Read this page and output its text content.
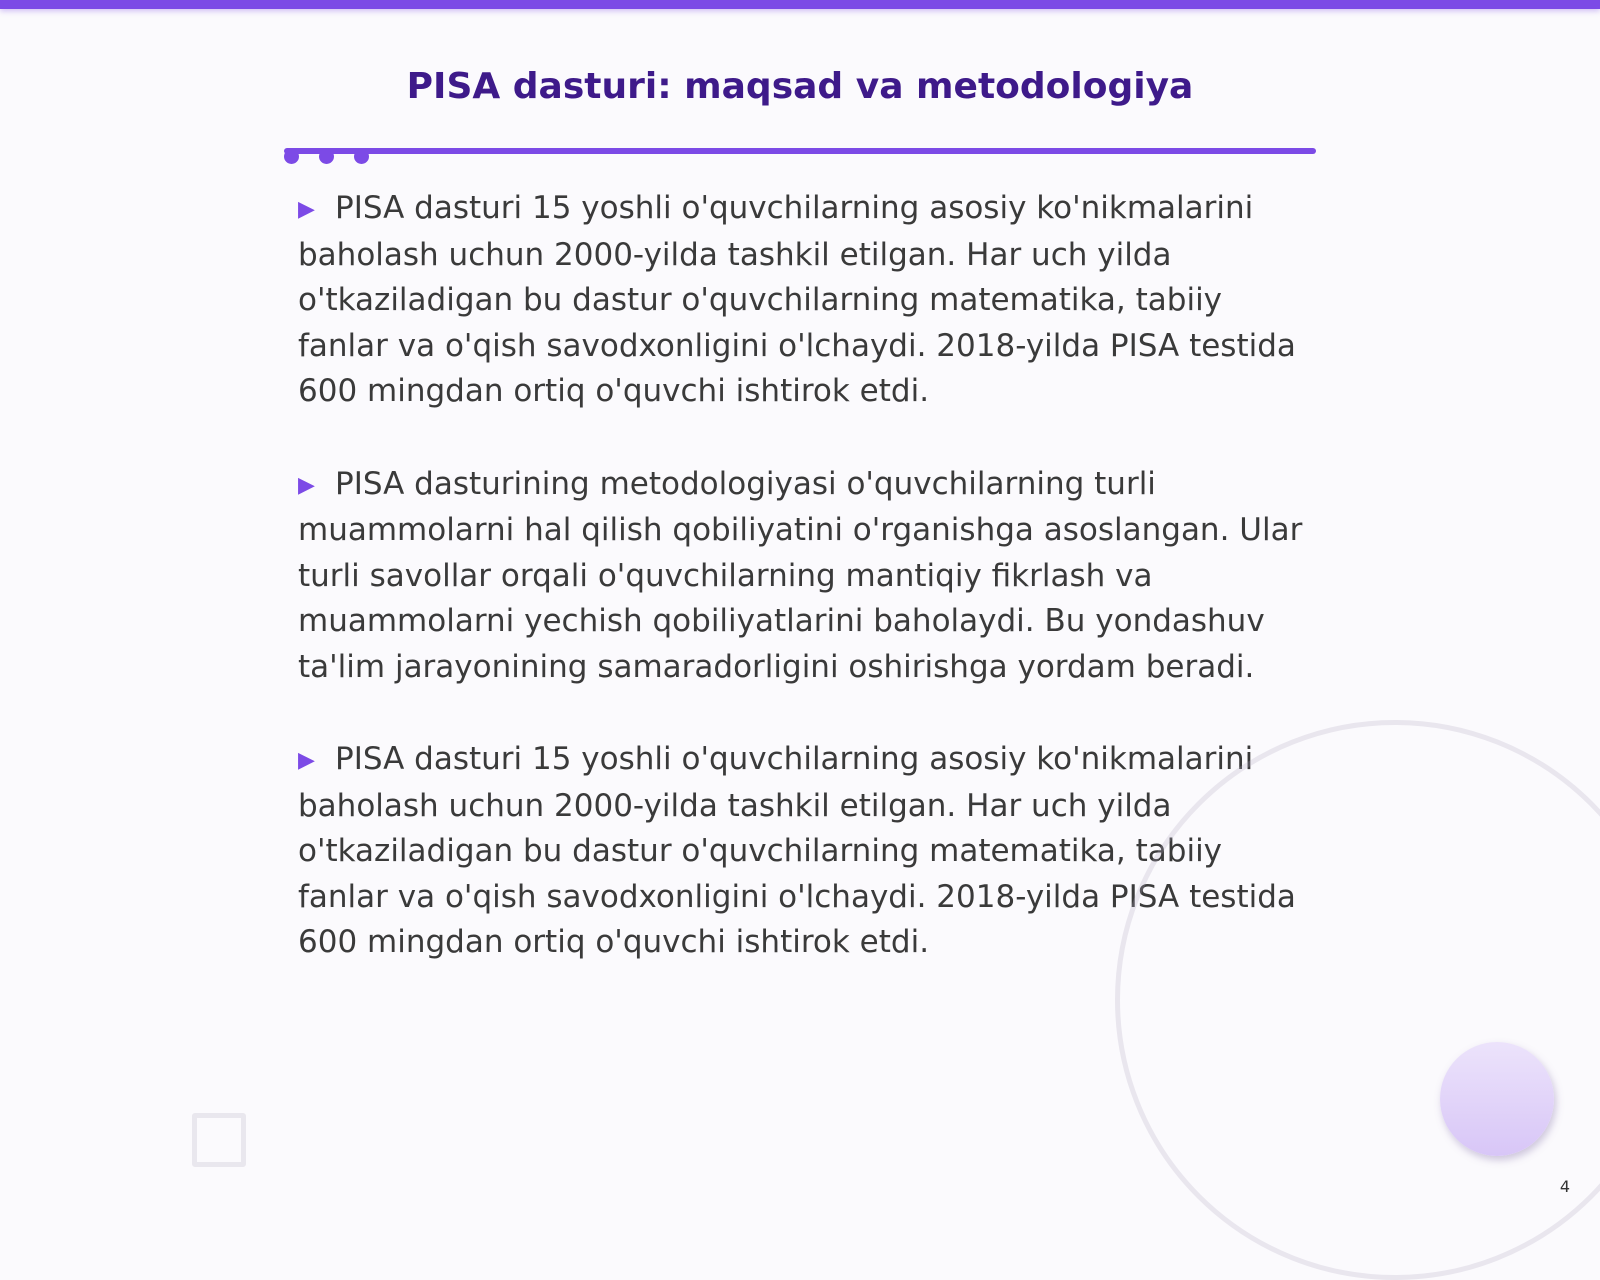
PISA dasturi: maqsad va metodologiya

▶ PISA dasturi 15 yoshli o'quvchilarning asosiy ko'nikmalarini baholash uchun 2000-yilda tashkil etilgan. Har uch yilda o'tkaziladigan bu dastur o'quvchilarning matematika, tabiiy fanlar va o'qish savodxonligini o'lchaydi. 2018-yilda PISA testida 600 mingdan ortiq o'quvchi ishtirok etdi.

▶ PISA dasturining metodologiyasi o'quvchilarning turli muammolarni hal qilish qobiliyatini o'rganishga asoslangan. Ular turli savollar orqali o'quvchilarning mantiqiy fikrlash va muammolarni yechish qobiliyatlarini baholaydi. Bu yondashuv ta'lim jarayonining samaradorligini oshirishga yordam beradi.

▶ PISA dasturi 15 yoshli o'quvchilarning asosiy ko'nikmalarini baholash uchun 2000-yilda tashkil etilgan. Har uch yilda o'tkaziladigan bu dastur o'quvchilarning matematika, tabiiy fanlar va o'qish savodxonligini o'lchaydi. 2018-yilda PISA testida 600 mingdan ortiq o'quvchi ishtirok etdi.

4
